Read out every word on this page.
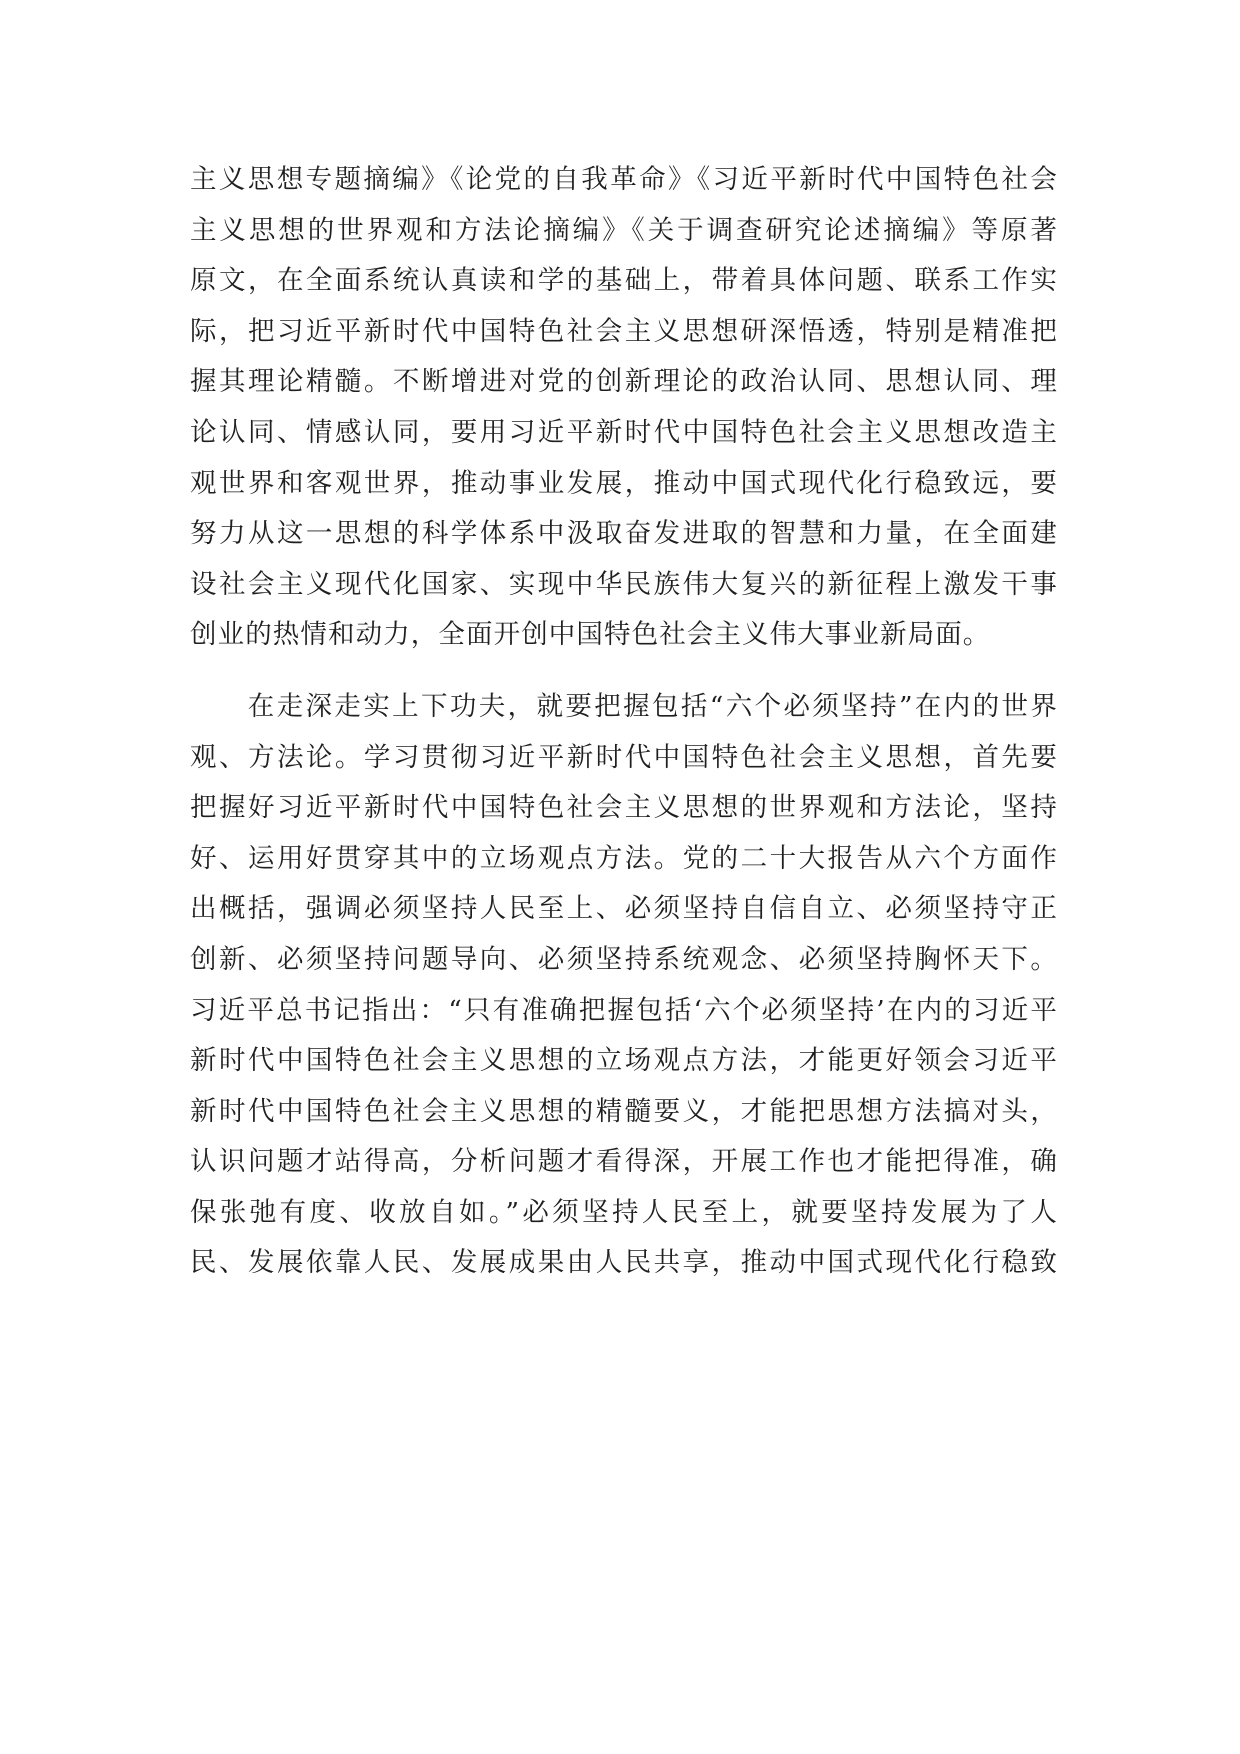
主义思想专题摘编》《论党的自我革命》《习近平新时代中国特色社会
主义思想的世界观和方法论摘编》《关于调查研究论述摘编》等原著
原文，在全面系统认真读和学的基础上，带着具体问题、联系工作实
际，把习近平新时代中国特色社会主义思想研深悟透，特别是精准把
握其理论精髓。不断增进对党的创新理论的政治认同、思想认同、理
论认同、情感认同，要用习近平新时代中国特色社会主义思想改造主
观世界和客观世界，推动事业发展，推动中国式现代化行稳致远，要
努力从这一思想的科学体系中汲取奋发进取的智慧和力量，在全面建
设社会主义现代化国家、实现中华民族伟大复兴的新征程上激发干事
创业的热情和动力，全面开创中国特色社会主义伟大事业新局面。
　　在走深走实上下功夫，就要把握包括“六个必须坚持”在内的世界
观、方法论。学习贯彻习近平新时代中国特色社会主义思想，首先要
把握好习近平新时代中国特色社会主义思想的世界观和方法论，坚持
好、运用好贯穿其中的立场观点方法。党的二十大报告从六个方面作
出概括，强调必须坚持人民至上、必须坚持自信自立、必须坚持守正
创新、必须坚持问题导向、必须坚持系统观念、必须坚持胸怀天下。
习近平总书记指出：“只有准确把握包括‘六个必须坚持’在内的习近平
新时代中国特色社会主义思想的立场观点方法，才能更好领会习近平
新时代中国特色社会主义思想的精髓要义，才能把思想方法搞对头，
认识问题才站得高，分析问题才看得深，开展工作也才能把得准，确
保张弛有度、收放自如。”必须坚持人民至上，就要坚持发展为了人
民、发展依靠人民、发展成果由人民共享，推动中国式现代化行稳致
